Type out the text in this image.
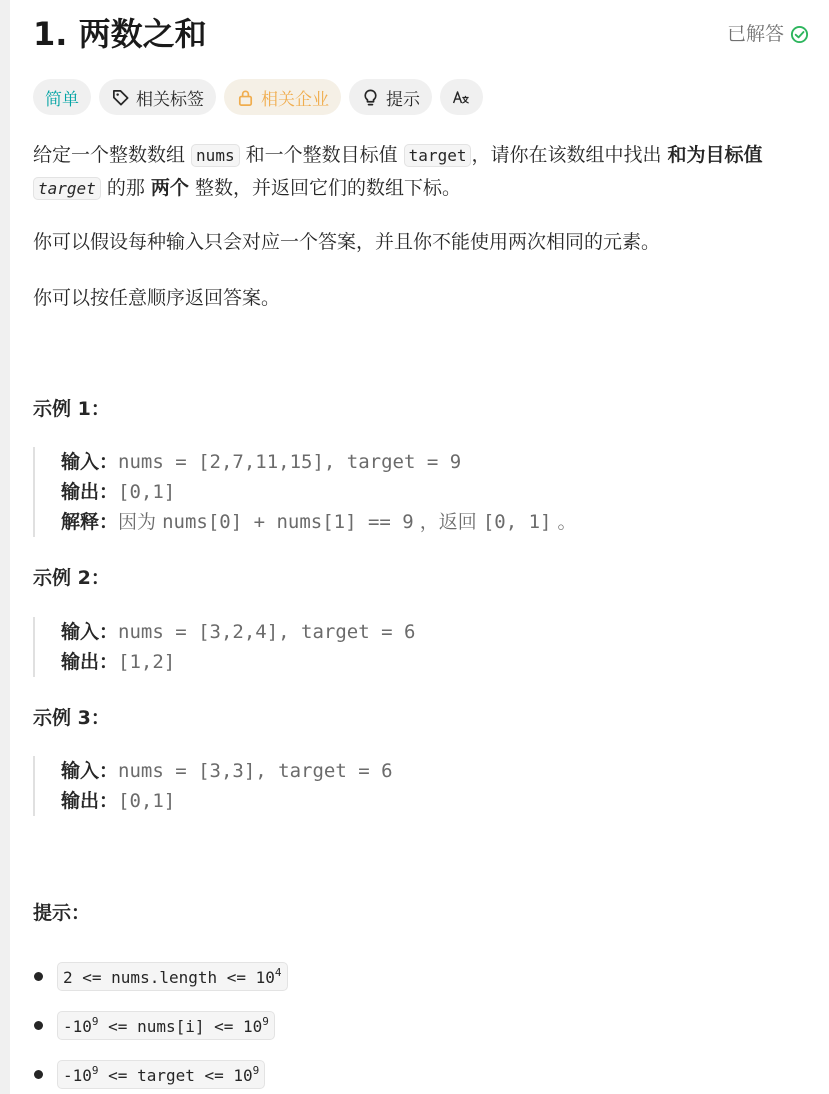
1. 两数之和	已解答
简单	相关标签	相关企业	提示
给定一个整数数组 nums 和一个整数目标值 target ，请你在该数组中找出 和为目标值 target 的那 两个 整数，并返回它们的数组下标。
你可以假设每种输入只会对应一个答案，并且你不能使用两次相同的元素。
你可以按任意顺序返回答案。
示例 1：
输入：nums = [2,7,11,15], target = 9
输出：[0,1]
解释：因为 nums[0] + nums[1] == 9 ，返回 [0, 1] 。
示例 2：
输入：nums = [3,2,4], target = 6
输出：[1,2]
示例 3：
输入：nums = [3,3], target = 6
输出：[0,1]
提示：
2 <= nums.length <= $10^4$
$-10^9$ <= nums[i] <= $10^9$
$-10^9$ <= target <= $10^9$
